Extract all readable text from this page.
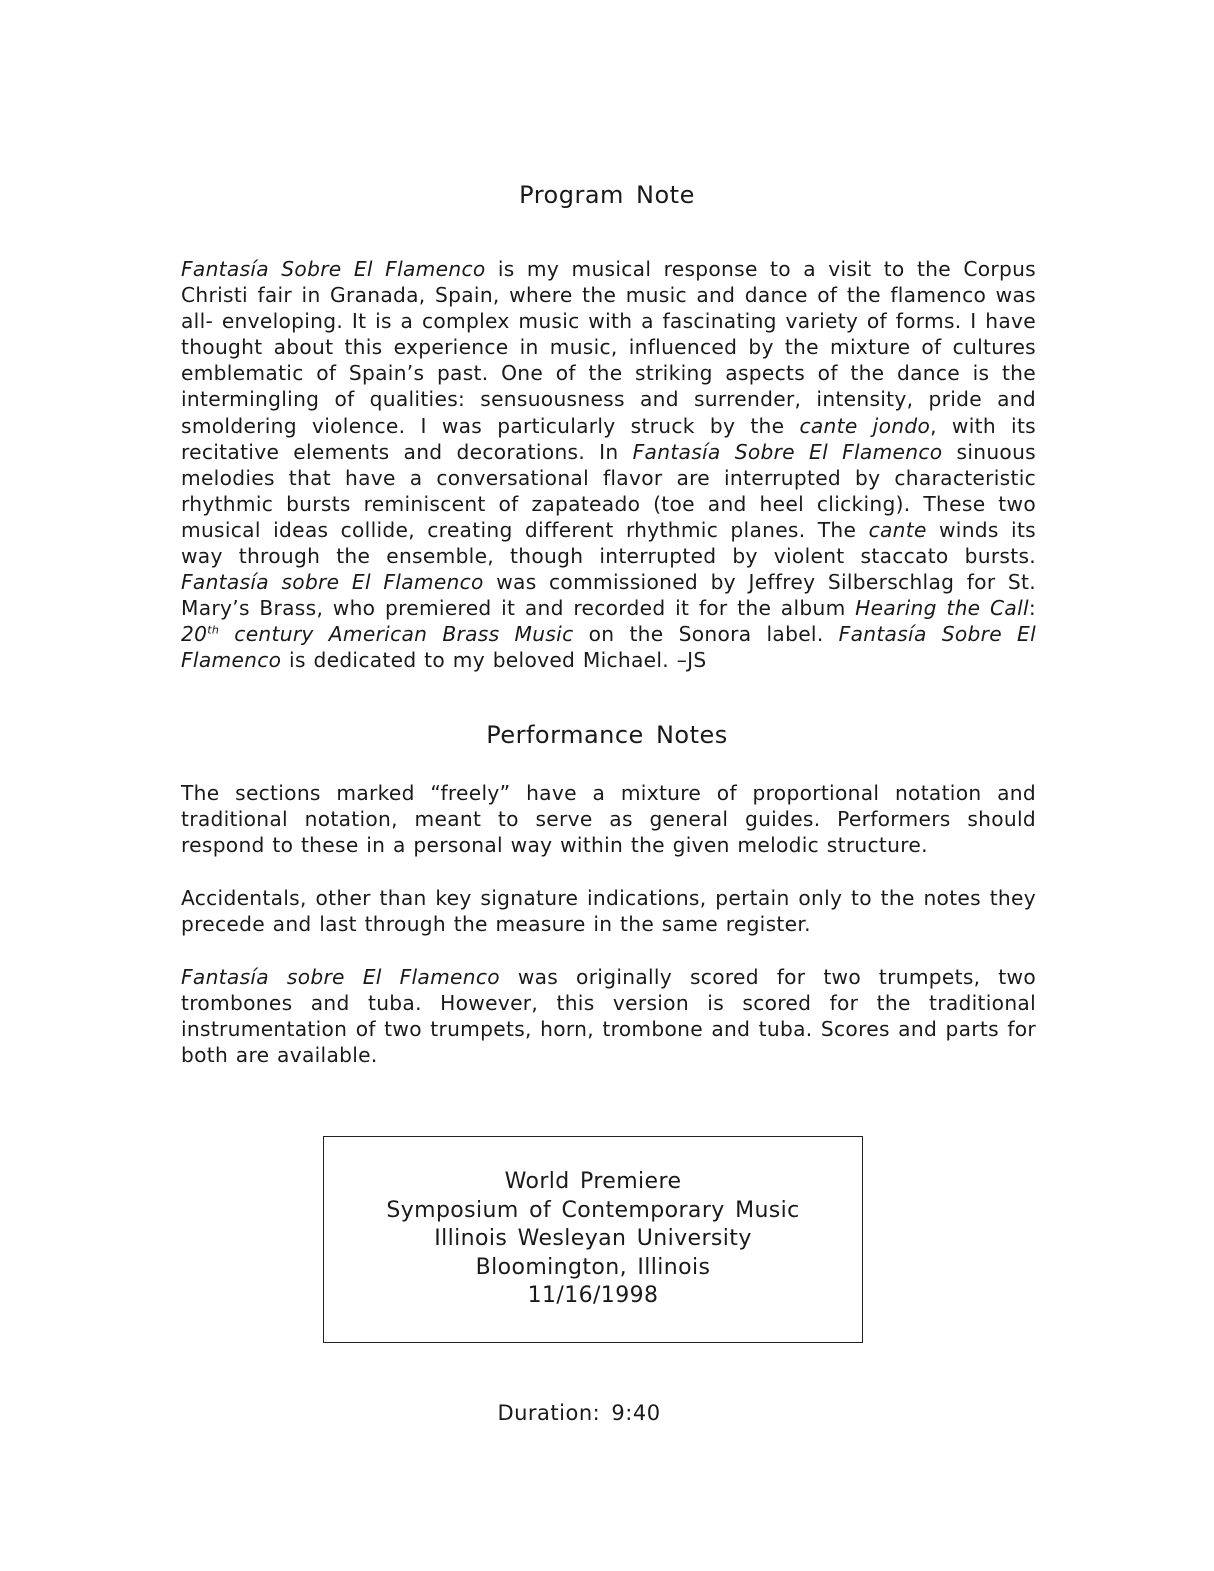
Program Note

Fantasía Sobre El Flamenco is my musical response to a visit to the Corpus Christi fair in Granada, Spain, where the music and dance of the flamenco was all- enveloping. It is a complex music with a fascinating variety of forms. I have thought about this experience in music, influenced by the mixture of cultures emblematic of Spain’s past. One of the striking aspects of the dance is the intermingling of qualities: sensuousness and surrender, intensity, pride and smoldering violence. I was particularly struck by the cante jondo, with its recitative elements and decorations. In Fantasía Sobre El Flamenco sinuous melodies that have a conversational flavor are interrupted by characteristic rhythmic bursts reminiscent of zapateado (toe and heel clicking). These two musical ideas collide, creating different rhythmic planes. The cante winds its way through the ensemble, though interrupted by violent staccato bursts. Fantasía sobre El Flamenco was commissioned by Jeffrey Silberschlag for St. Mary’s Brass, who premiered it and recorded it for the album Hearing the Call: 20th century American Brass Music on the Sonora label. Fantasía Sobre El Flamenco is dedicated to my beloved Michael. –JS

Performance Notes

The sections marked “freely” have a mixture of proportional notation and traditional notation, meant to serve as general guides. Performers should respond to these in a personal way within the given melodic structure.

Accidentals, other than key signature indications, pertain only to the notes they precede and last through the measure in the same register.

Fantasía sobre El Flamenco was originally scored for two trumpets, two trombones and tuba. However, this version is scored for the traditional instrumentation of two trumpets, horn, trombone and tuba. Scores and parts for both are available.

World Premiere
Symposium of Contemporary Music
Illinois Wesleyan University
Bloomington, Illinois
11/16/1998
Duration: 9:40
